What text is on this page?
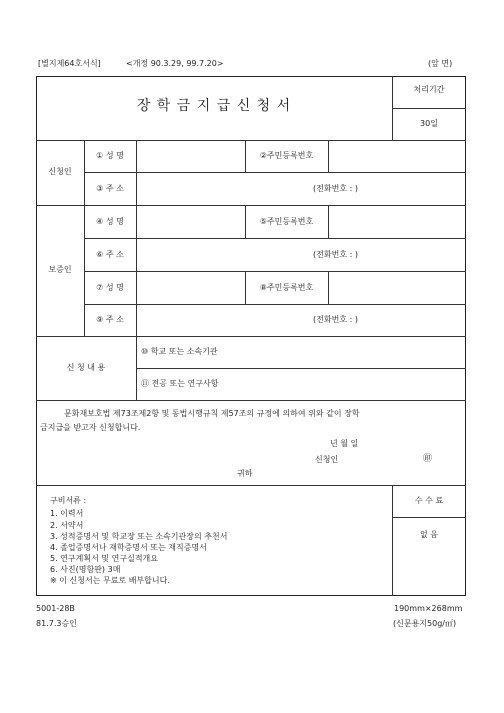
[별지제64호서식]	<개정 90.3.29, 99.7.20>	(앞 면)
장 학 금 지 급 신 청 서
처리기간
30일
신청인
① 성 명	②주민등록번호
③ 주 소	(전화번호 : )
보증인
④ 성 명	⑤주민등록번호
⑥ 주 소	(전화번호 : )
⑦ 성 명	⑧주민등록번호
⑨ 주 소	(전화번호 : )
신 청 내 용
⑩ 학교 또는 소속기관
⑪ 전공 또는 연구사항
문화재보호법 제73조제2항 및 동법시행규칙 제57조의 규정에 의하여 위와 같이 장학
금지급을 받고자 신청합니다.
년 월 일
신청인	㊞
귀하
구비서류 :
1. 이력서
2. 서약서
3. 성적증명서 및 학교장 또는 소속기관장의 추천서
4. 졸업증명서나 재학증명서 또는 재직증명서
5. 연구계획서 및 연구실적개요
6. 사진(명함판) 3매
※ 이 신청서는 무료로 배부합니다.
수 수 료
없 음
5001-28B
81.7.3승인
190mm×268mm
(신문용지50g/㎡)
